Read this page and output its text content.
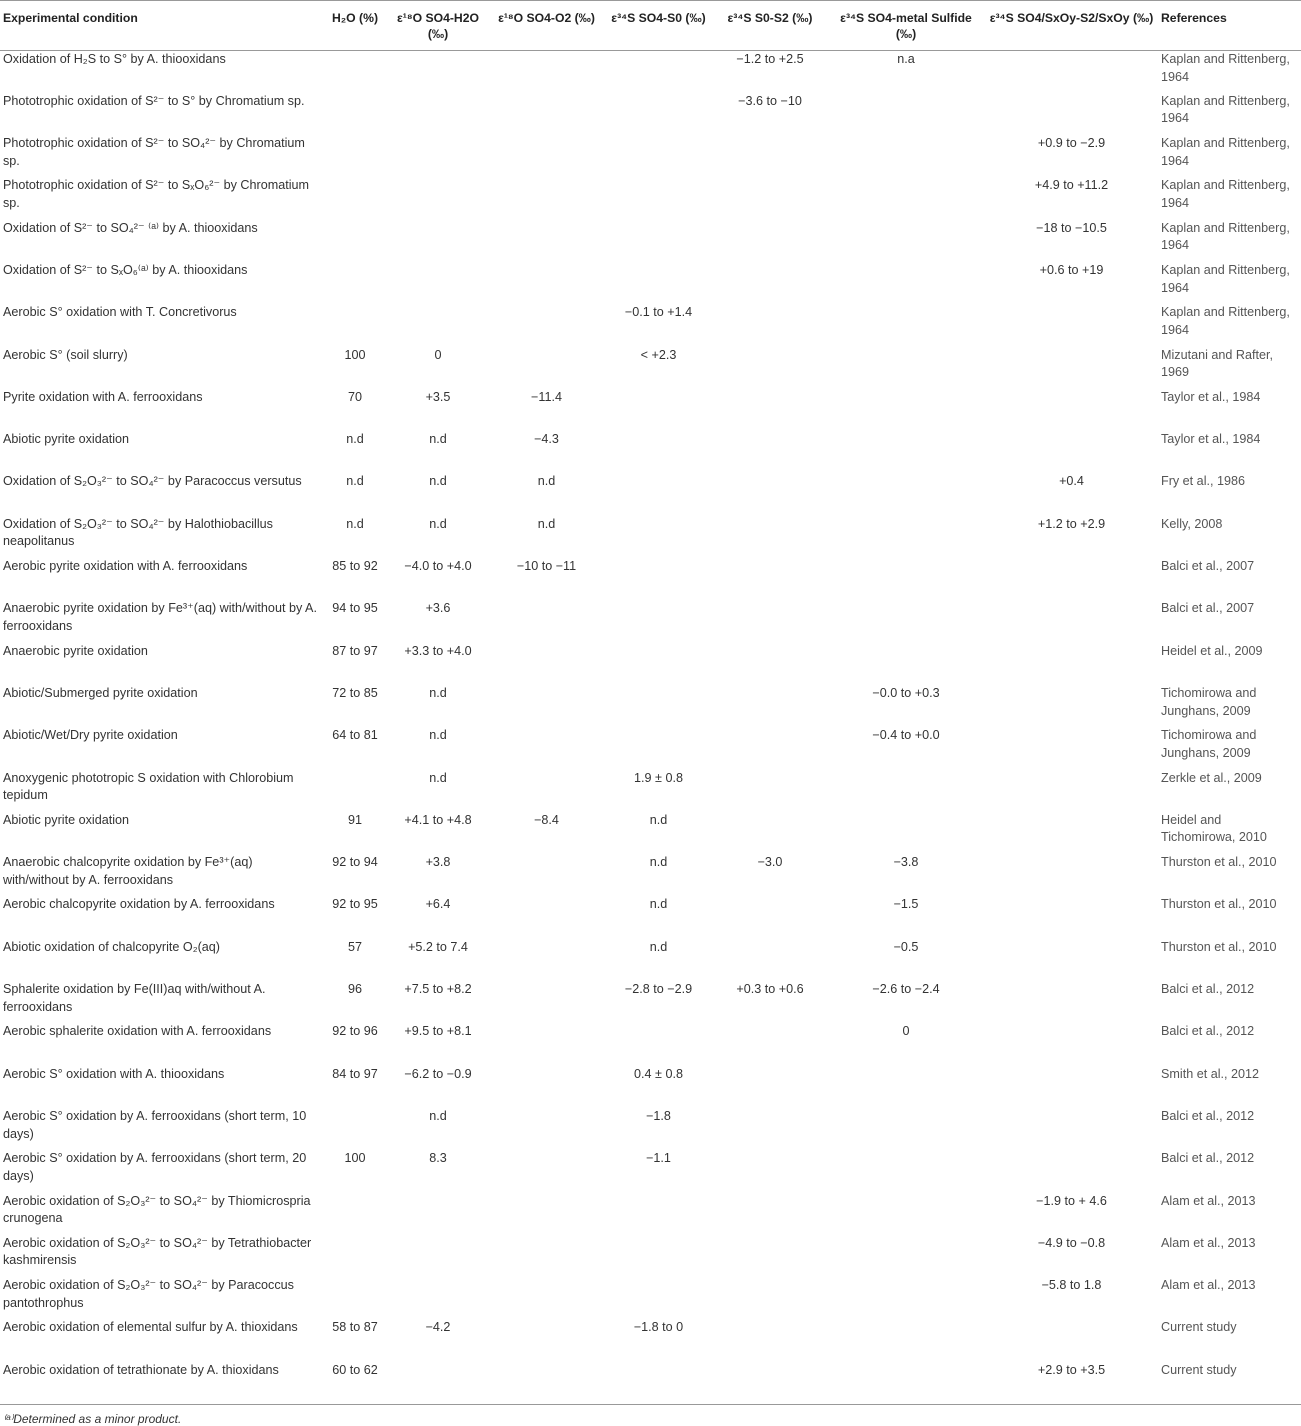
Experimental condition	H₂O (%)	ε¹⁸O SO4-H2O (‰)	ε¹⁸O SO4-O2 (‰)	ε³⁴S SO4-S0 (‰)	ε³⁴S S0-S2 (‰)	ε³⁴S SO4-metal Sulfide (‰)	ε³⁴S SO4/SxOy-S2/SxOy (‰)	References
Oxidation of H₂S to S° by A. thiooxidans					−1.2 to +2.5	n.a		Kaplan and Rittenberg, 1964
Phototrophic oxidation of S²⁻ to S° by Chromatium sp.					−3.6 to −10			Kaplan and Rittenberg, 1964
Phototrophic oxidation of S²⁻ to SO₄²⁻ by Chromatium sp.							+0.9 to −2.9	Kaplan and Rittenberg, 1964
Phototrophic oxidation of S²⁻ to SₓO₆²⁻ by Chromatium sp.							+4.9 to +11.2	Kaplan and Rittenberg, 1964
Oxidation of S²⁻ to SO₄²⁻ ⁽ᵃ⁾ by A. thiooxidans							−18 to −10.5	Kaplan and Rittenberg, 1964
Oxidation of S²⁻ to SₓO₆⁽ᵃ⁾ by A. thiooxidans							+0.6 to +19	Kaplan and Rittenberg, 1964
Aerobic S° oxidation with T. Concretivorus				−0.1 to +1.4				Kaplan and Rittenberg, 1964
Aerobic S° (soil slurry)	100	0		< +2.3				Mizutani and Rafter, 1969
Pyrite oxidation with A. ferrooxidans	70	+3.5	−11.4					Taylor et al., 1984
Abiotic pyrite oxidation	n.d	n.d	−4.3					Taylor et al., 1984
Oxidation of S₂O₃²⁻ to SO₄²⁻ by Paracoccus versutus	n.d	n.d	n.d				+0.4	Fry et al., 1986
Oxidation of S₂O₃²⁻ to SO₄²⁻ by Halothiobacillus neapolitanus	n.d	n.d	n.d				+1.2 to +2.9	Kelly, 2008
Aerobic pyrite oxidation with A. ferrooxidans	85 to 92	−4.0 to +4.0	−10 to −11					Balci et al., 2007
Anaerobic pyrite oxidation by Fe³⁺(aq) with/without by A. ferrooxidans	94 to 95	+3.6						Balci et al., 2007
Anaerobic pyrite oxidation	87 to 97	+3.3 to +4.0						Heidel et al., 2009
Abiotic/Submerged pyrite oxidation	72 to 85	n.d				−0.0 to +0.3		Tichomirowa and Junghans, 2009
Abiotic/Wet/Dry pyrite oxidation	64 to 81	n.d				−0.4 to +0.0		Tichomirowa and Junghans, 2009
Anoxygenic phototropic S oxidation with Chlorobium tepidum		n.d		1.9 ± 0.8				Zerkle et al., 2009
Abiotic pyrite oxidation	91	+4.1 to +4.8	−8.4	n.d				Heidel and Tichomirowa, 2010
Anaerobic chalcopyrite oxidation by Fe³⁺(aq) with/without by A. ferrooxidans	92 to 94	+3.8		n.d	−3.0	−3.8		Thurston et al., 2010
Aerobic chalcopyrite oxidation by A. ferrooxidans	92 to 95	+6.4		n.d		−1.5		Thurston et al., 2010
Abiotic oxidation of chalcopyrite O₂(aq)	57	+5.2 to 7.4		n.d		−0.5		Thurston et al., 2010
Sphalerite oxidation by Fe(III)aq with/without A. ferrooxidans	96	+7.5 to +8.2		−2.8 to −2.9	+0.3 to +0.6	−2.6 to −2.4		Balci et al., 2012
Aerobic sphalerite oxidation with A. ferrooxidans	92 to 96	+9.5 to +8.1				0		Balci et al., 2012
Aerobic S° oxidation with A. thiooxidans	84 to 97	−6.2 to −0.9		0.4 ± 0.8				Smith et al., 2012
Aerobic S° oxidation by A. ferrooxidans (short term, 10 days)		n.d		−1.8				Balci et al., 2012
Aerobic S° oxidation by A. ferrooxidans (short term, 20 days)	100	8.3		−1.1				Balci et al., 2012
Aerobic oxidation of S₂O₃²⁻ to SO₄²⁻ by Thiomicrospria crunogena							−1.9 to + 4.6	Alam et al., 2013
Aerobic oxidation of S₂O₃²⁻ to SO₄²⁻ by Tetrathiobacter kashmirensis							−4.9 to −0.8	Alam et al., 2013
Aerobic oxidation of S₂O₃²⁻ to SO₄²⁻ by Paracoccus pantothrophus							−5.8 to 1.8	Alam et al., 2013
Aerobic oxidation of elemental sulfur by A. thioxidans	58 to 87	−4.2		−1.8 to 0				Current study
Aerobic oxidation of tetrathionate by A. thioxidans	60 to 62						+2.9 to +3.5	Current study
⁽ᵃ⁾Determined as a minor product.
